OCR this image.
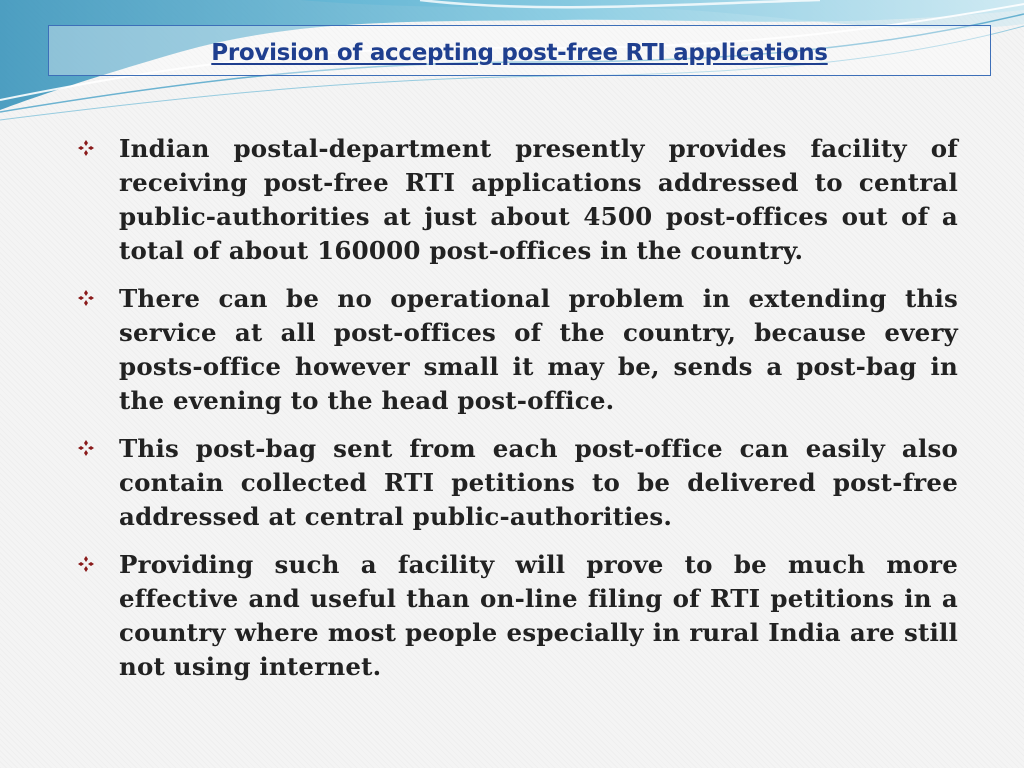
Provision of accepting post-free RTI applications
Indian postal-department presently provides facility of receiving post-free RTI applications addressed to central public-authorities at just about 4500 post-offices out of a total of about 160000 post-offices in the country.
There can be no operational problem in extending this service at all post-offices of the country, because every posts-office however small it may be, sends a post-bag in the evening to the head post-office.
This post-bag sent from each post-office can easily also contain collected RTI petitions to be delivered post-free addressed at central public-authorities.
Providing such a facility will prove to be much more effective and useful than on-line filing of RTI petitions in a country where most people especially in rural India are still not using internet.
